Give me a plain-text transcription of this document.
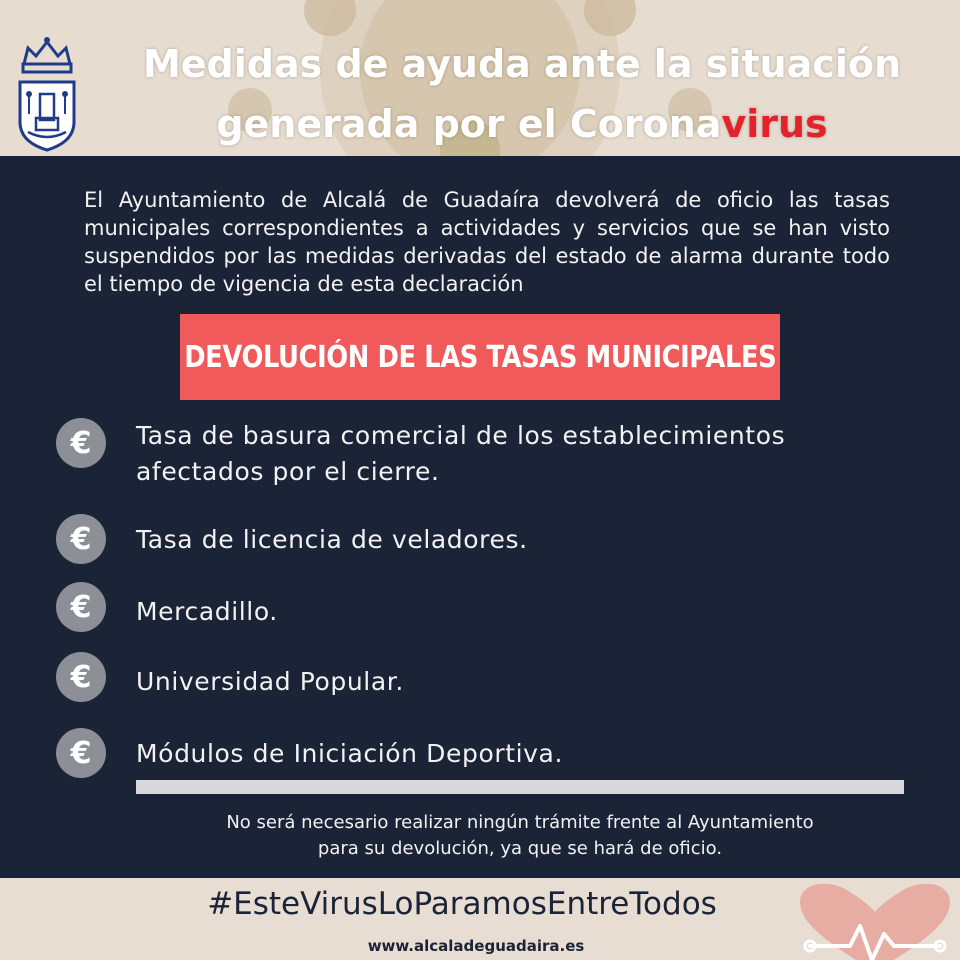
Medidas de ayuda ante la situación
generada por el Coronavirus
El Ayuntamiento de Alcalá de Guadaíra devolverá de oficio las tasas municipales correspondientes a actividades y servicios que se han visto suspendidos por las medidas derivadas del estado de alarma durante todo el tiempo de vigencia de esta declaración
DEVOLUCIÓN DE LAS TASAS MUNICIPALES
€	Tasa de basura comercial de los establecimientos afectados por el cierre.
€	Tasa de licencia de veladores.
€	Mercadillo.
€	Universidad Popular.
€	Módulos de Iniciación Deportiva.
No será necesario realizar ningún trámite frente al Ayuntamiento
para su devolución, ya que se hará de oficio.
#EsteVirusLoParamosEntreTodos
www.alcaladeguadaira.es
